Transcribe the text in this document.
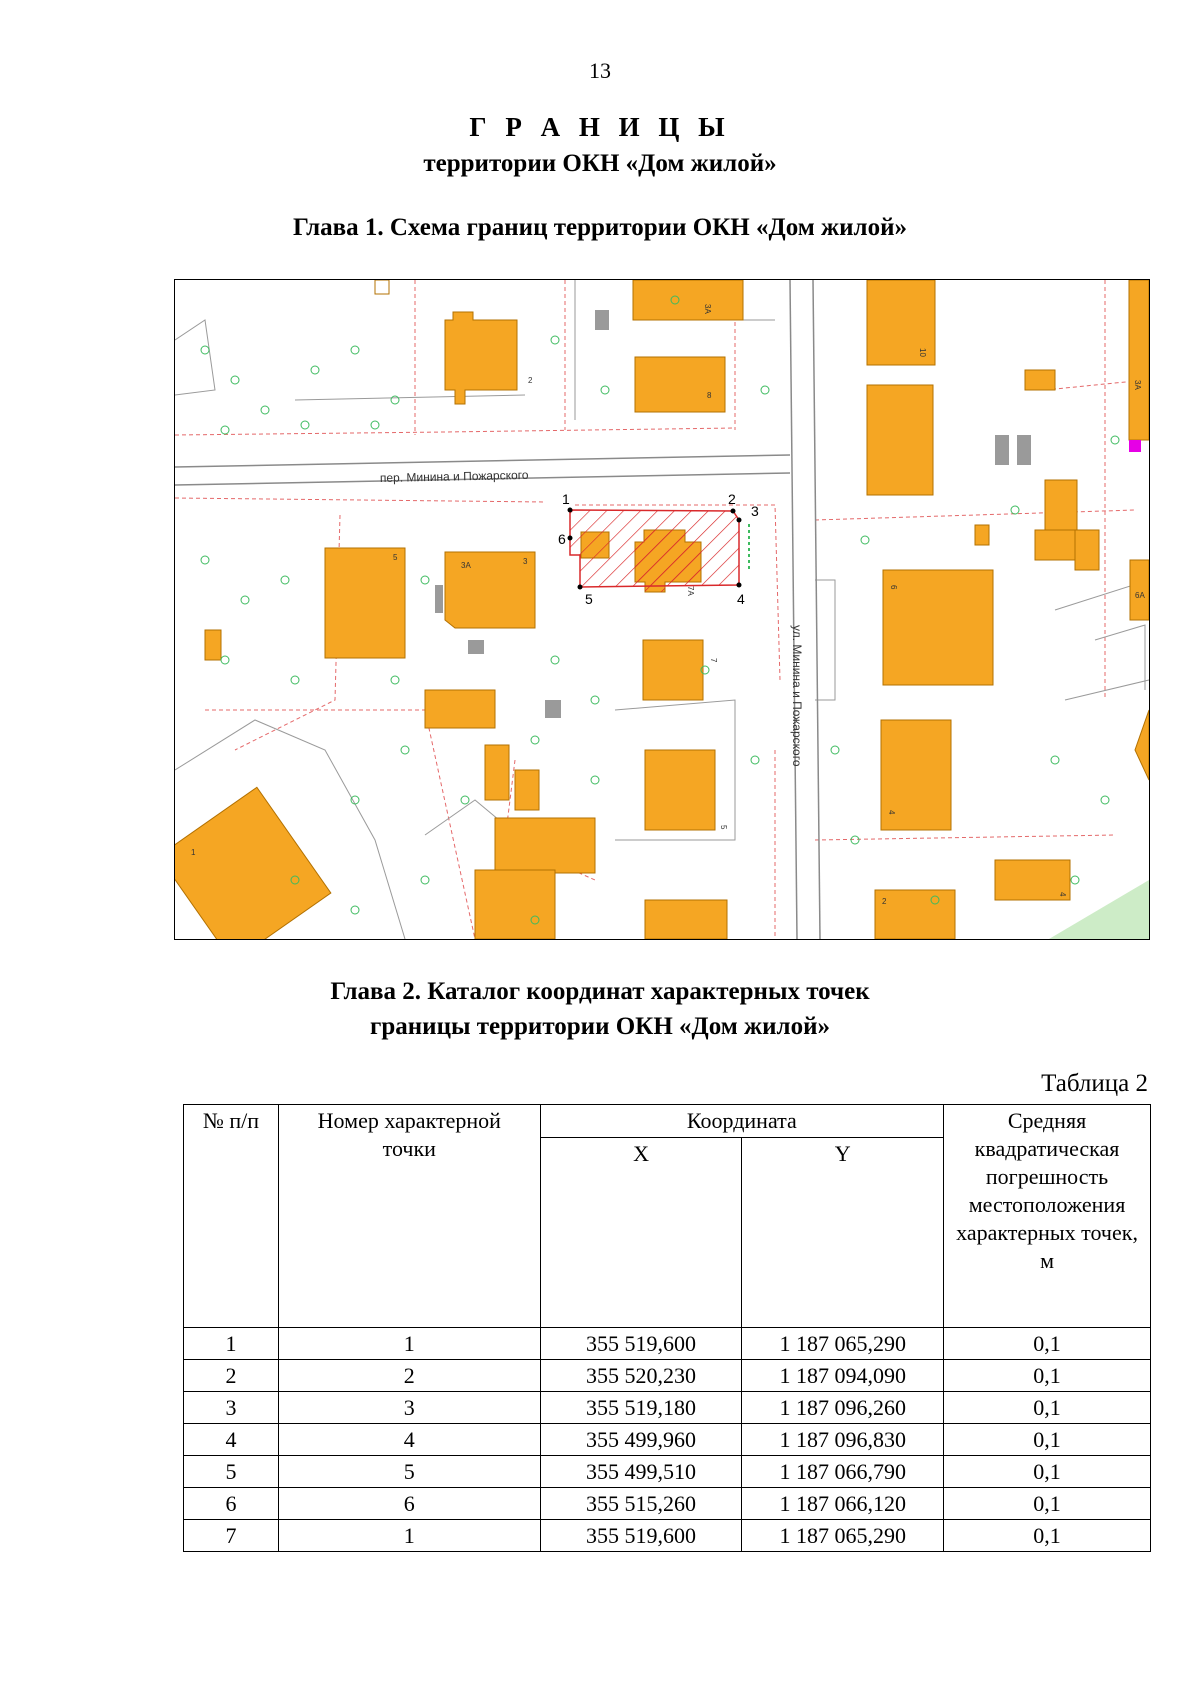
13
Г Р А Н И Ц Ы
территории ОКН «Дом жилой»
Глава 1. Схема границ территории ОКН «Дом жилой»
1	2
3
4
5
6
пер. Минина и Пожарского
ул. Минина и Пожарского
3А
2
8
10
3А
5
3А	3
7
7А	6
6А
4
5
2
4
1
Глава 2. Каталог координат характерных точек
границы территории ОКН «Дом жилой»
Таблица 2
№ п/п	Номер характерной точки	Координата		Средняя квадратическая погрешность местоположения характерных точек, м
		X	Y	
1	1	355 519,600	1 187 065,290	0,1
2	2	355 520,230	1 187 094,090	0,1
3	3	355 519,180	1 187 096,260	0,1
4	4	355 499,960	1 187 096,830	0,1
5	5	355 499,510	1 187 066,790	0,1
6	6	355 515,260	1 187 066,120	0,1
7	1	355 519,600	1 187 065,290	0,1
